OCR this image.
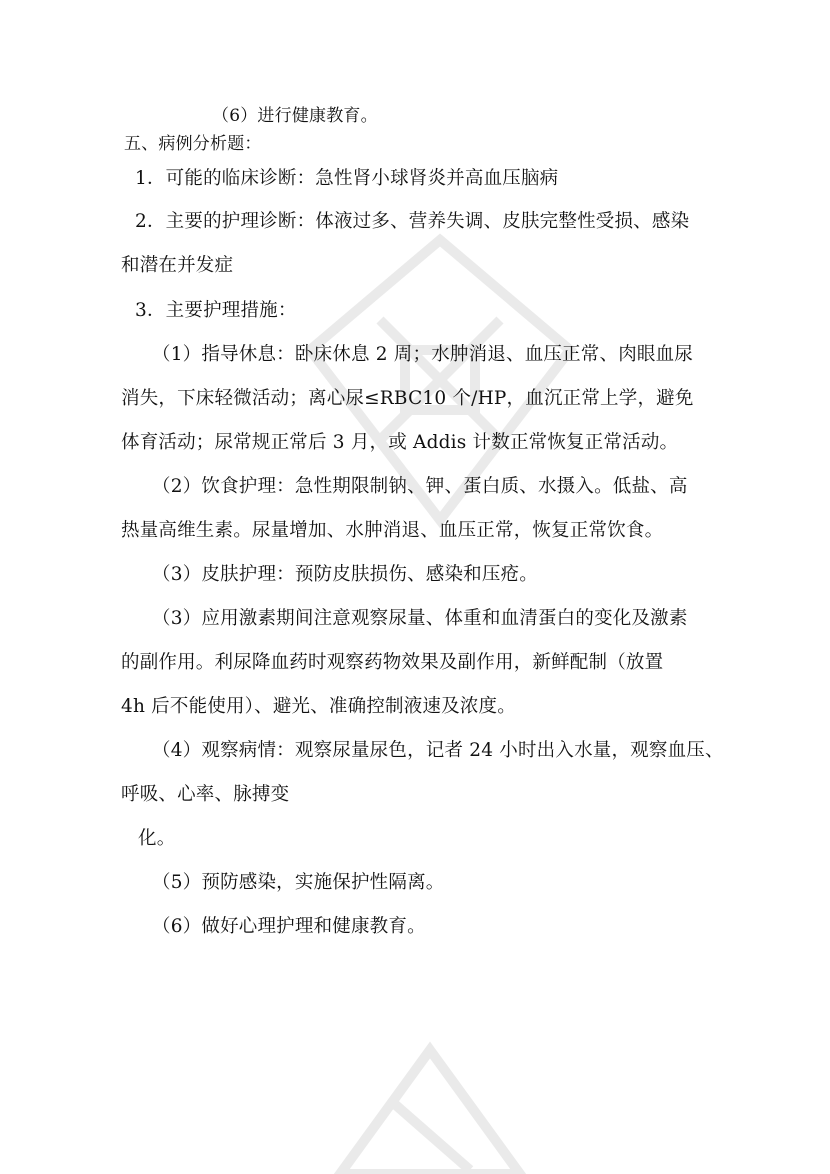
（6）进行健康教育。
五、病例分析题：
1．可能的临床诊断：急性肾小球肾炎并高血压脑病
2．主要的护理诊断：体液过多、营养失调、皮肤完整性受损、感染
和潜在并发症
3．主要护理措施：
（1）指导休息：卧床休息 2 周；水肿消退、血压正常、肉眼血尿
消失，下床轻微活动；离心尿≤RBC10 个/HP，血沉正常上学，避免
体育活动；尿常规正常后 3 月，或 Addis 计数正常恢复正常活动。
（2）饮食护理：急性期限制钠、钾、蛋白质、水摄入。低盐、高
热量高维生素。尿量增加、水肿消退、血压正常，恢复正常饮食。
（3）皮肤护理：预防皮肤损伤、感染和压疮。
（3）应用激素期间注意观察尿量、体重和血清蛋白的变化及激素
的副作用。利尿降血药时观察药物效果及副作用，新鲜配制（放置
4h 后不能使用）、避光、准确控制液速及浓度。
（4）观察病情：观察尿量尿色，记者 24 小时出入水量，观察血压、
呼吸、心率、脉搏变
化。
（5）预防感染，实施保护性隔离。
（6）做好心理护理和健康教育。
